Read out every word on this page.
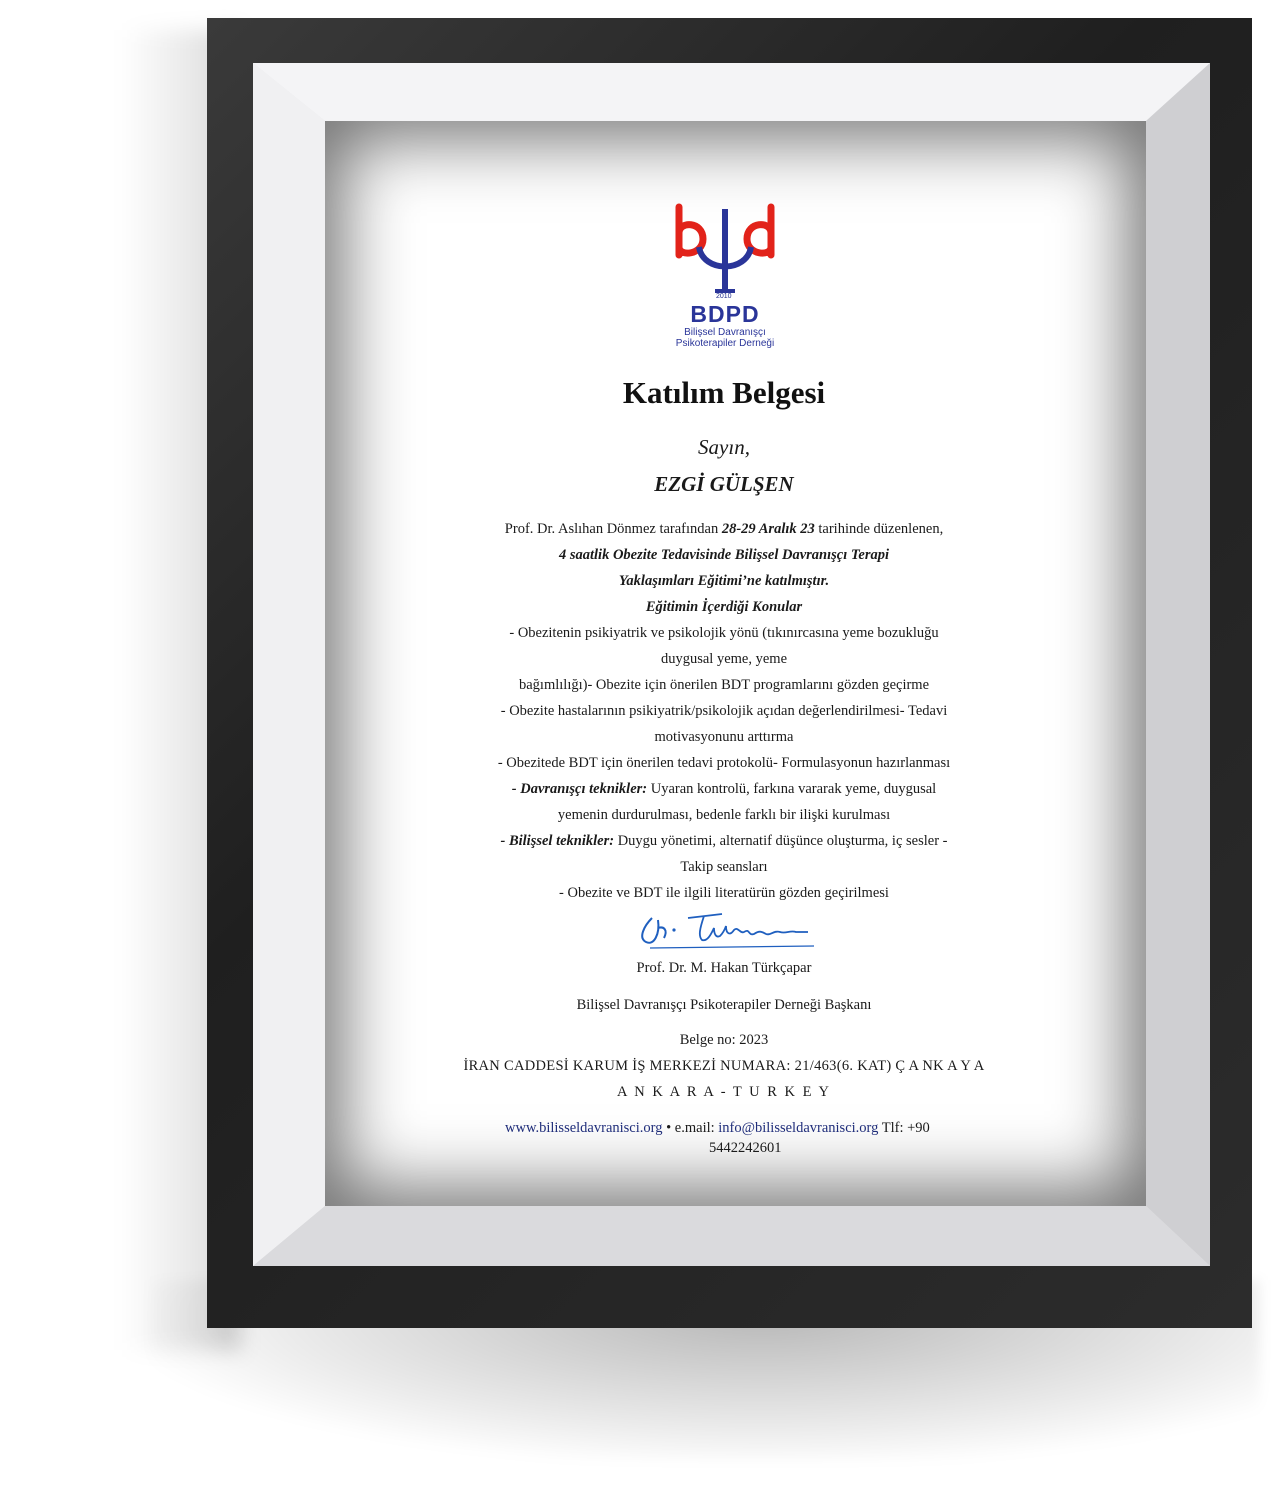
2010
BDPD
Bilişsel Davranışçı
Psikoterapiler Derneği
Katılım Belgesi
Sayın,
EZGİ GÜLŞEN
Prof. Dr. Aslıhan Dönmez tarafından 28-29 Aralık 23 tarihinde düzenlenen,
4 saatlik Obezite Tedavisinde Bilişsel Davranışçı Terapi
Yaklaşımları Eğitimi’ne katılmıştır.
Eğitimin İçerdiği Konular
- Obezitenin psikiyatrik ve psikolojik yönü (tıkınırcasına yeme bozukluğu
duygusal yeme, yeme
bağımlılığı)- Obezite için önerilen BDT programlarını gözden geçirme
- Obezite hastalarının psikiyatrik/psikolojik açıdan değerlendirilmesi- Tedavi
motivasyonunu arttırma
- Obezitede BDT için önerilen tedavi protokolü- Formulasyonun hazırlanması
- Davranışçı teknikler: Uyaran kontrolü, farkına vararak yeme, duygusal
yemenin durdurulması, bedenle farklı bir ilişki kurulması
- Bilişsel teknikler: Duygu yönetimi, alternatif düşünce oluşturma, iç sesler -
Takip seansları
- Obezite ve BDT ile ilgili literatürün gözden geçirilmesi
Prof. Dr. M. Hakan Türkçapar
Bilişsel Davranışçı Psikoterapiler Derneği Başkanı
Belge no: 2023
İRAN CADDESİ KARUM İŞ MERKEZİ NUMARA: 21/463(6. KAT) Ç A NK A Y A
A N K A R A - T U R K E Y
www.bilisseldavranisci.org • e.mail: info@bilisseldavranisci.org Tlf: +90
5442242601
